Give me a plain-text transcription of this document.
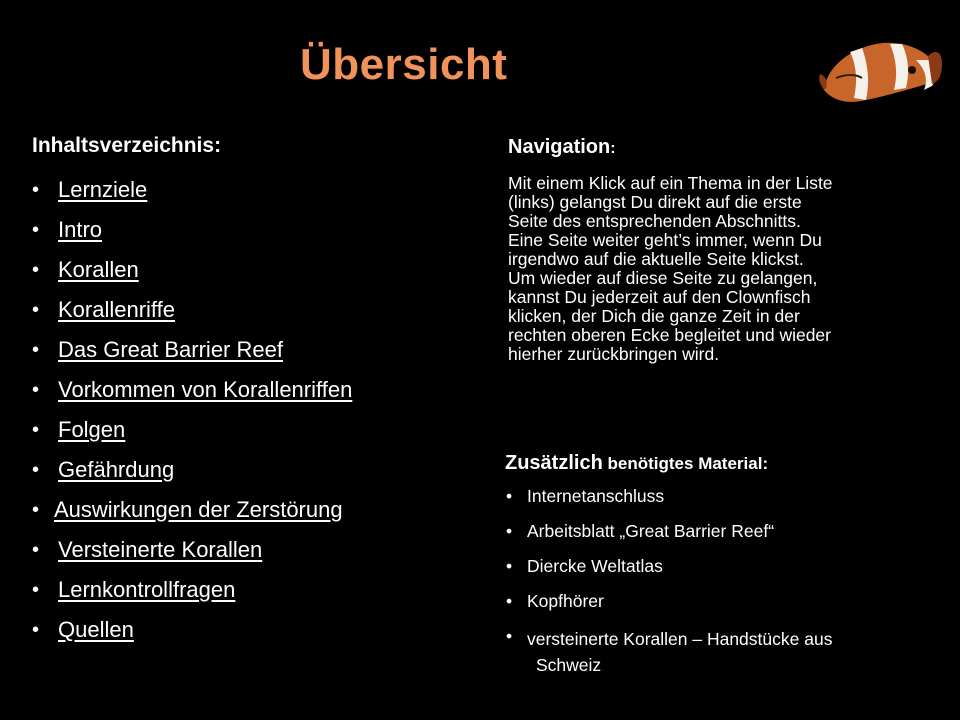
Übersicht
Inhaltsverzeichnis:
• Lernziele
• Intro
• Korallen
• Korallenriffe
• Das Great Barrier Reef
• Vorkommen von Korallenriffen
• Folgen
• Gefährdung
• Auswirkungen der Zerstörung
• Versteinerte Korallen
• Lernkontrollfragen
• Quellen
Navigation:

Mit einem Klick auf ein Thema in der Liste
(links) gelangst Du direkt auf die erste
Seite des entsprechenden Abschnitts.
Eine Seite weiter geht’s immer, wenn Du
irgendwo auf die aktuelle Seite klickst.
Um wieder auf diese Seite zu gelangen,
kannst Du jederzeit auf den Clownfisch
klicken, der Dich die ganze Zeit in der
rechten oberen Ecke begleitet und wieder
hierher zurückbringen wird.

Zusätzlich benötigtes Material:
• Internetanschluss
• Arbeitsblatt „Great Barrier Reef“
• Diercke Weltatlas
• Kopfhörer
• versteinerte Korallen – Handstücke aus
Schweiz
